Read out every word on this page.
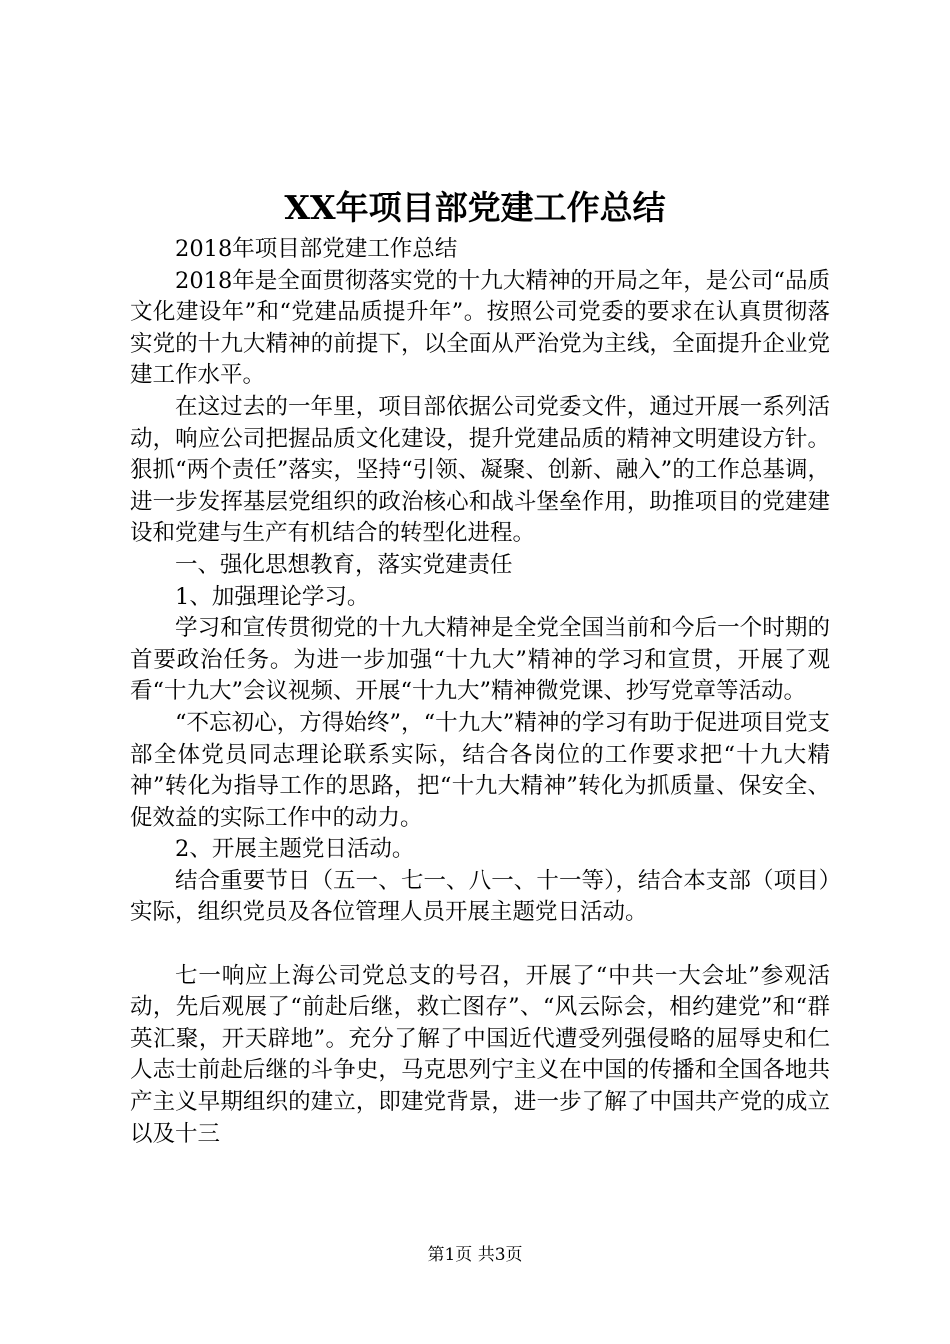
XX年项目部党建工作总结

2018年项目部党建工作总结

2018年是全面贯彻落实党的十九大精神的开局之年，是公司“品质文化建设年”和“党建品质提升年”。按照公司党委的要求在认真贯彻落实党的十九大精神的前提下，以全面从严治党为主线，全面提升企业党建工作水平。

在这过去的一年里，项目部依据公司党委文件，通过开展一系列活动，响应公司把握品质文化建设，提升党建品质的精神文明建设方针。狠抓“两个责任”落实，坚持“引领、凝聚、创新、融入”的工作总基调，进一步发挥基层党组织的政治核心和战斗堡垒作用，助推项目的党建建设和党建与生产有机结合的转型化进程。

一、强化思想教育，落实党建责任

1、加强理论学习。

学习和宣传贯彻党的十九大精神是全党全国当前和今后一个时期的首要政治任务。为进一步加强“十九大”精神的学习和宣贯，开展了观看“十九大”会议视频、开展“十九大”精神微党课、抄写党章等活动。

“不忘初心，方得始终”，“十九大”精神的学习有助于促进项目党支部全体党员同志理论联系实际，结合各岗位的工作要求把“十九大精神”转化为指导工作的思路，把“十九大精神”转化为抓质量、保安全、促效益的实际工作中的动力。

2、开展主题党日活动。

结合重要节日（五一、七一、八一、十一等），结合本支部（项目）实际，组织党员及各位管理人员开展主题党日活动。

七一响应上海公司党总支的号召，开展了“中共一大会址”参观活动，先后观展了“前赴后继，救亡图存”、“风云际会，相约建党”和“群英汇聚，开天辟地”。充分了解了中国近代遭受列强侵略的屈辱史和仁人志士前赴后继的斗争史，马克思列宁主义在中国的传播和全国各地共产主义早期组织的建立，即建党背景，进一步了解了中国共产党的成立以及十三

第1页 共3页
